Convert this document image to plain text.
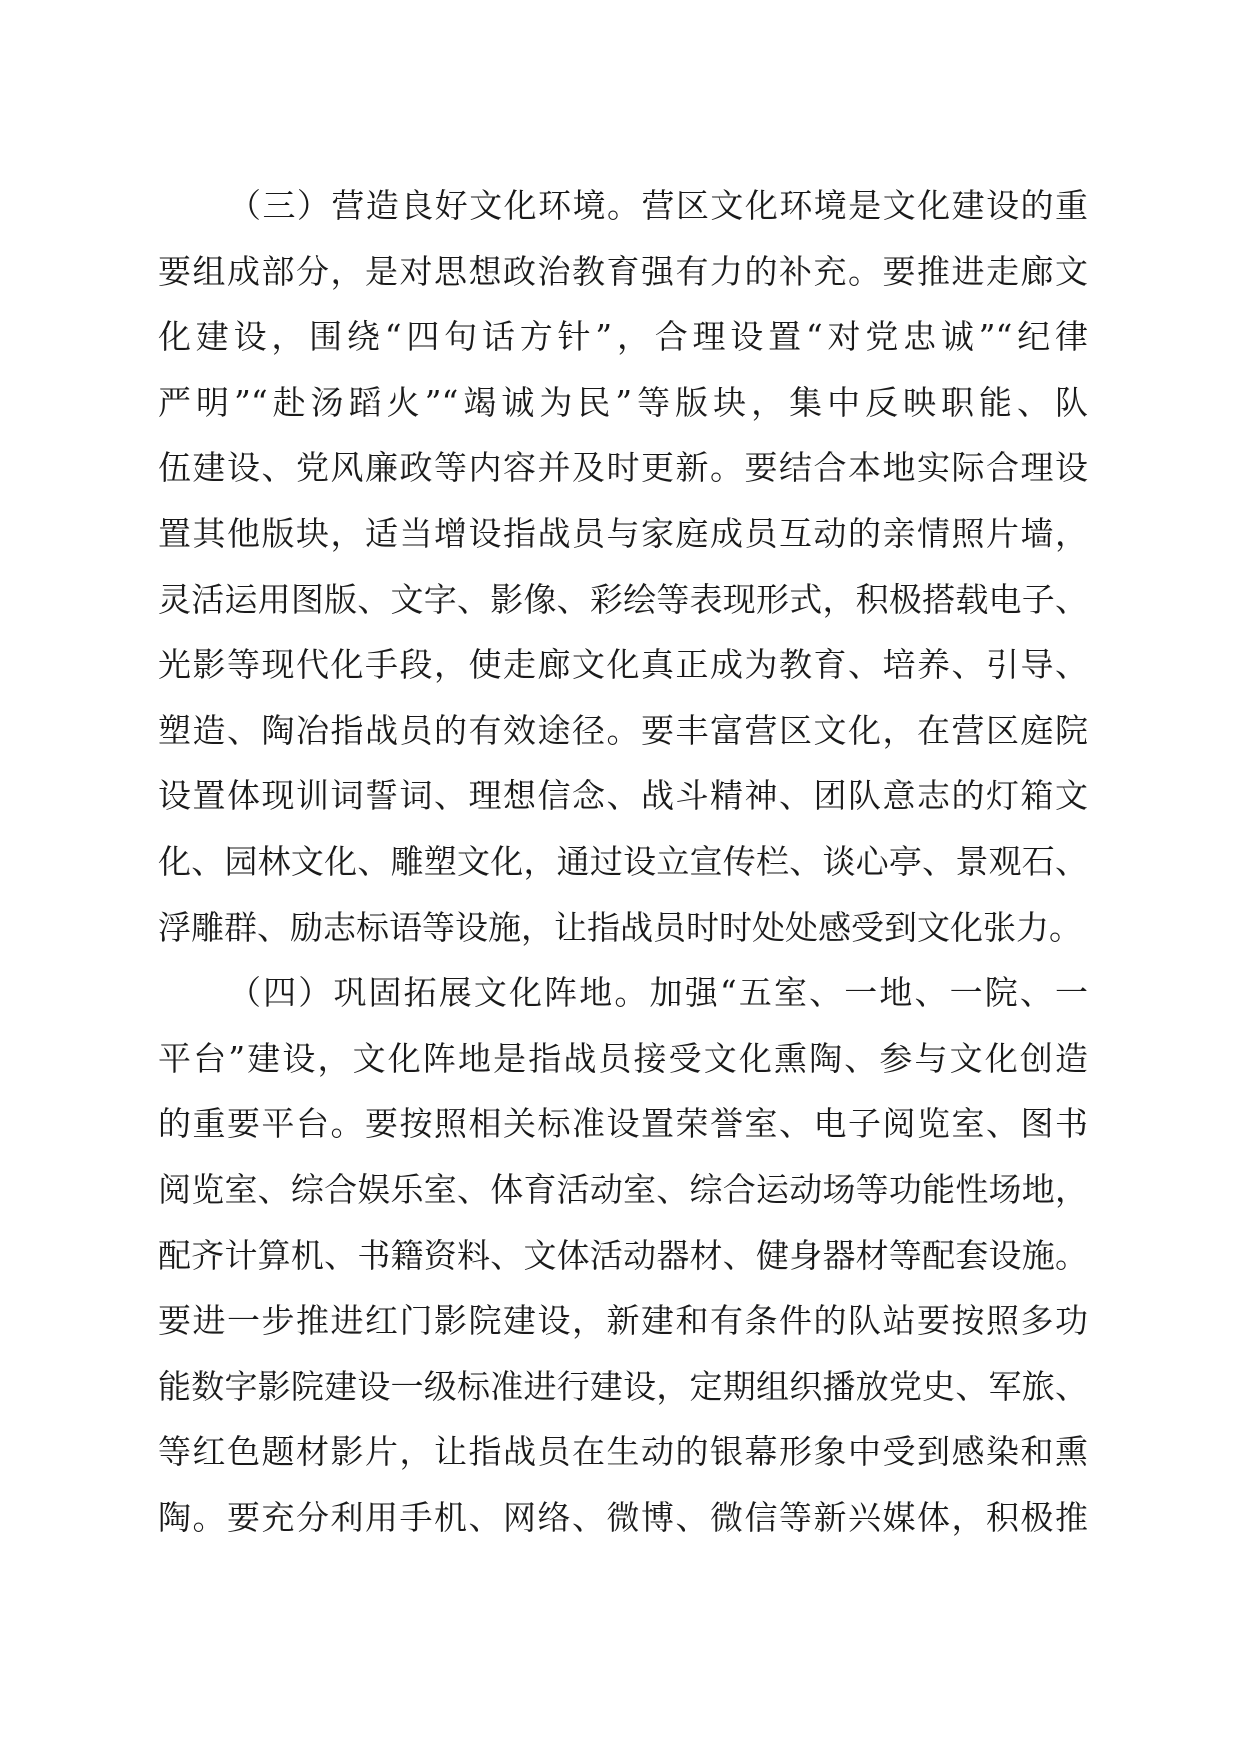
（三）营造良好文化环境。营区文化环境是文化建设的重
要组成部分，是对思想政治教育强有力的补充。要推进走廊文
化建设，围绕“四句话方针”，合理设置“对党忠诚”“纪律
严明”“赴汤蹈火”“竭诚为民”等版块，集中反映职能、队
伍建设、党风廉政等内容并及时更新。要结合本地实际合理设
置其他版块，适当增设指战员与家庭成员互动的亲情照片墙，
灵活运用图版、文字、影像、彩绘等表现形式，积极搭载电子、
光影等现代化手段，使走廊文化真正成为教育、培养、引导、
塑造、陶冶指战员的有效途径。要丰富营区文化，在营区庭院
设置体现训词誓词、理想信念、战斗精神、团队意志的灯箱文
化、园林文化、雕塑文化，通过设立宣传栏、谈心亭、景观石、
浮雕群、励志标语等设施，让指战员时时处处感受到文化张力。
（四）巩固拓展文化阵地。加强“五室、一地、一院、一
平台”建设，文化阵地是指战员接受文化熏陶、参与文化创造
的重要平台。要按照相关标准设置荣誉室、电子阅览室、图书
阅览室、综合娱乐室、体育活动室、综合运动场等功能性场地，
配齐计算机、书籍资料、文体活动器材、健身器材等配套设施。
要进一步推进红门影院建设，新建和有条件的队站要按照多功
能数字影院建设一级标准进行建设，定期组织播放党史、军旅、
等红色题材影片，让指战员在生动的银幕形象中受到感染和熏
陶。要充分利用手机、网络、微博、微信等新兴媒体，积极推
